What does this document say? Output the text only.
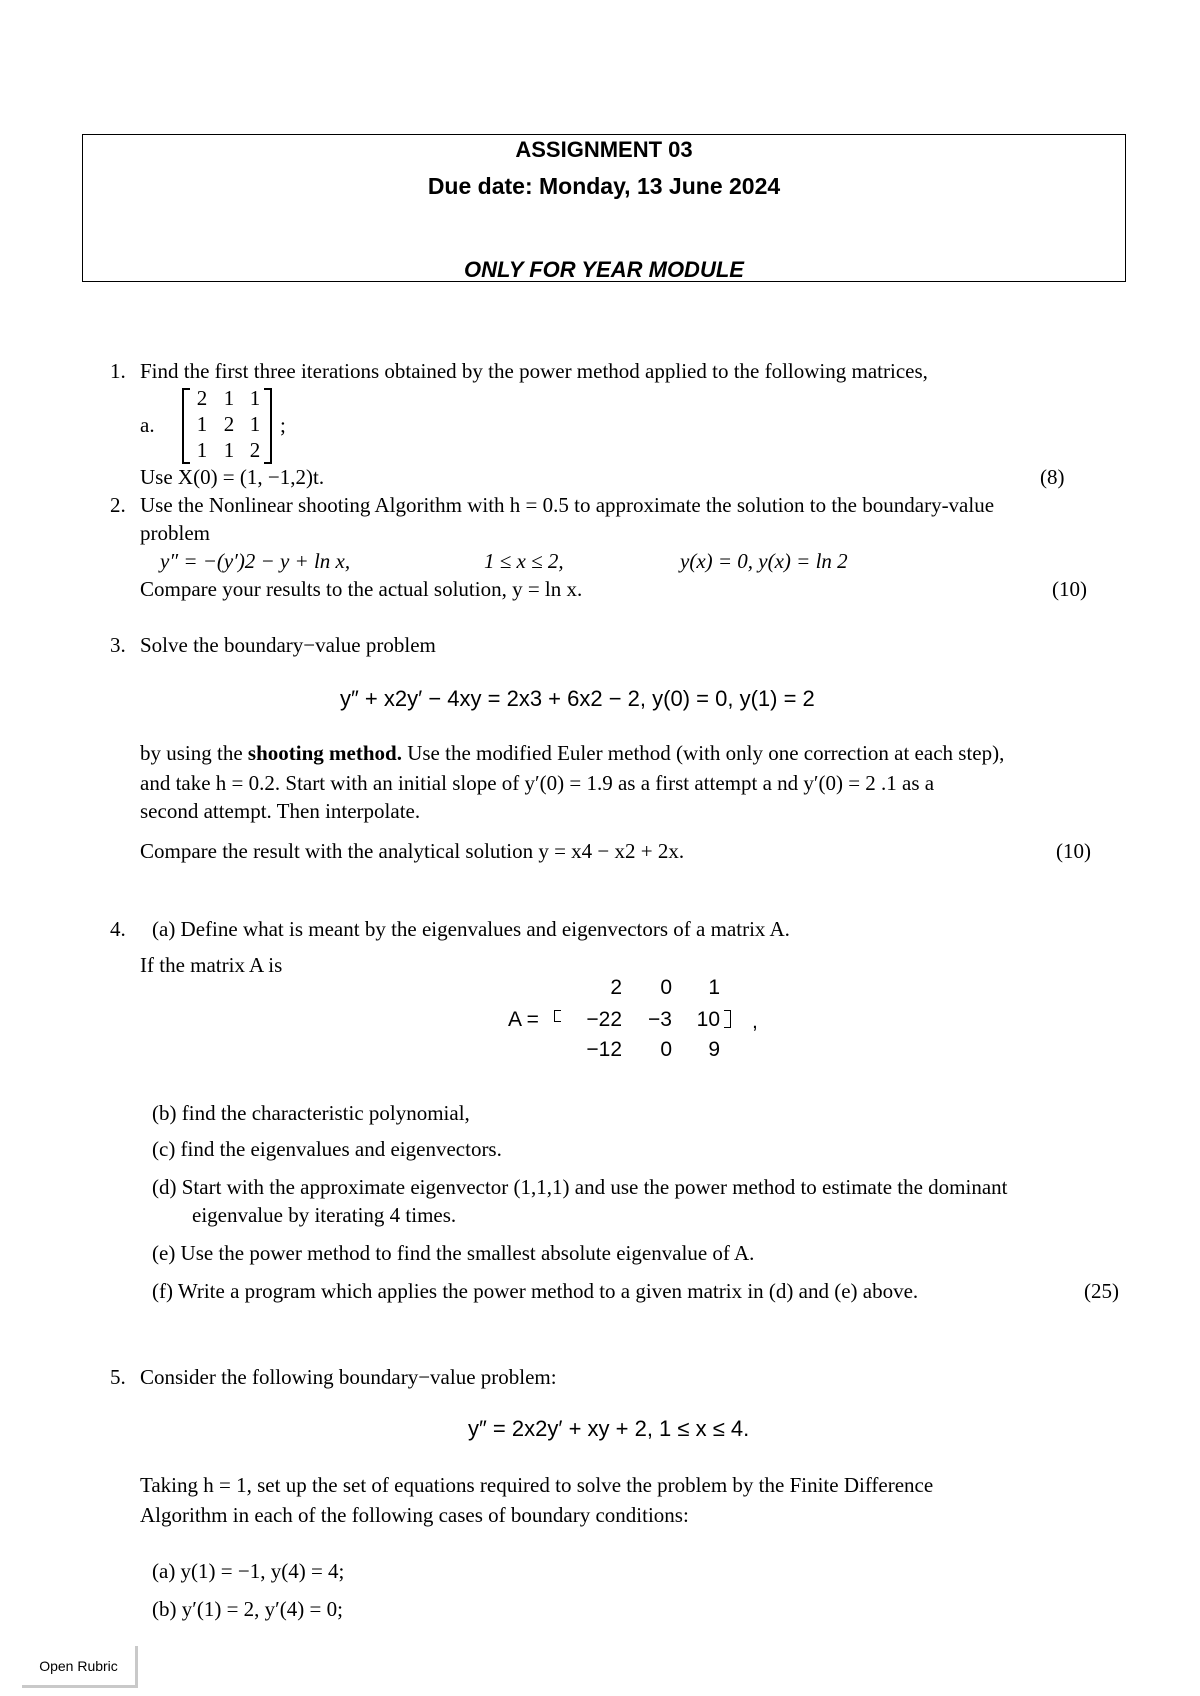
ASSIGNMENT 03
Due date: Monday, 13 June 2024
ONLY FOR YEAR MODULE
1. Find the first three iterations obtained by the power method applied to the following matrices,
a.
2 1 1
1 2 1
1 1 2
;
Use X(0) = (1, −1,2)t.	(8)
2. Use the Nonlinear shooting Algorithm with h = 0.5 to approximate the solution to the boundary-value
problem
y″ = −(y′)2 − y + ln x,	1 ≤ x ≤ 2,	y(x) = 0, y(x) = ln 2
Compare your results to the actual solution, y = ln x.	(10)
3. Solve the boundary−value problem
y″ + x2y′ − 4xy = 2x3 + 6x2 − 2, y(0) = 0, y(1) = 2
by using the shooting method. Use the modified Euler method (with only one correction at each step),
and take h = 0.2. Start with an initial slope of y′(0) = 1.9 as a first attempt a nd y′(0) = 2 .1 as a
second attempt. Then interpolate.
Compare the result with the analytical solution y = x4 − x2 + 2x.	(10)
4. (a) Define what is meant by the eigenvalues and eigenvectors of a matrix A.
If the matrix A is
A =
2 0 1
−22 −3 10
−12 0 9
,
(b) find the characteristic polynomial,
(c) find the eigenvalues and eigenvectors.
(d) Start with the approximate eigenvector (1,1,1) and use the power method to estimate the dominant
eigenvalue by iterating 4 times.
(e) Use the power method to find the smallest absolute eigenvalue of A.
(f) Write a program which applies the power method to a given matrix in (d) and (e) above.	(25)
5. Consider the following boundary−value problem:
y″ = 2x2y′ + xy + 2, 1 ≤ x ≤ 4.
Taking h = 1, set up the set of equations required to solve the problem by the Finite Difference
Algorithm in each of the following cases of boundary conditions:
(a) y(1) = −1, y(4) = 4;
(b) y′(1) = 2, y′(4) = 0;
Open Rubric
